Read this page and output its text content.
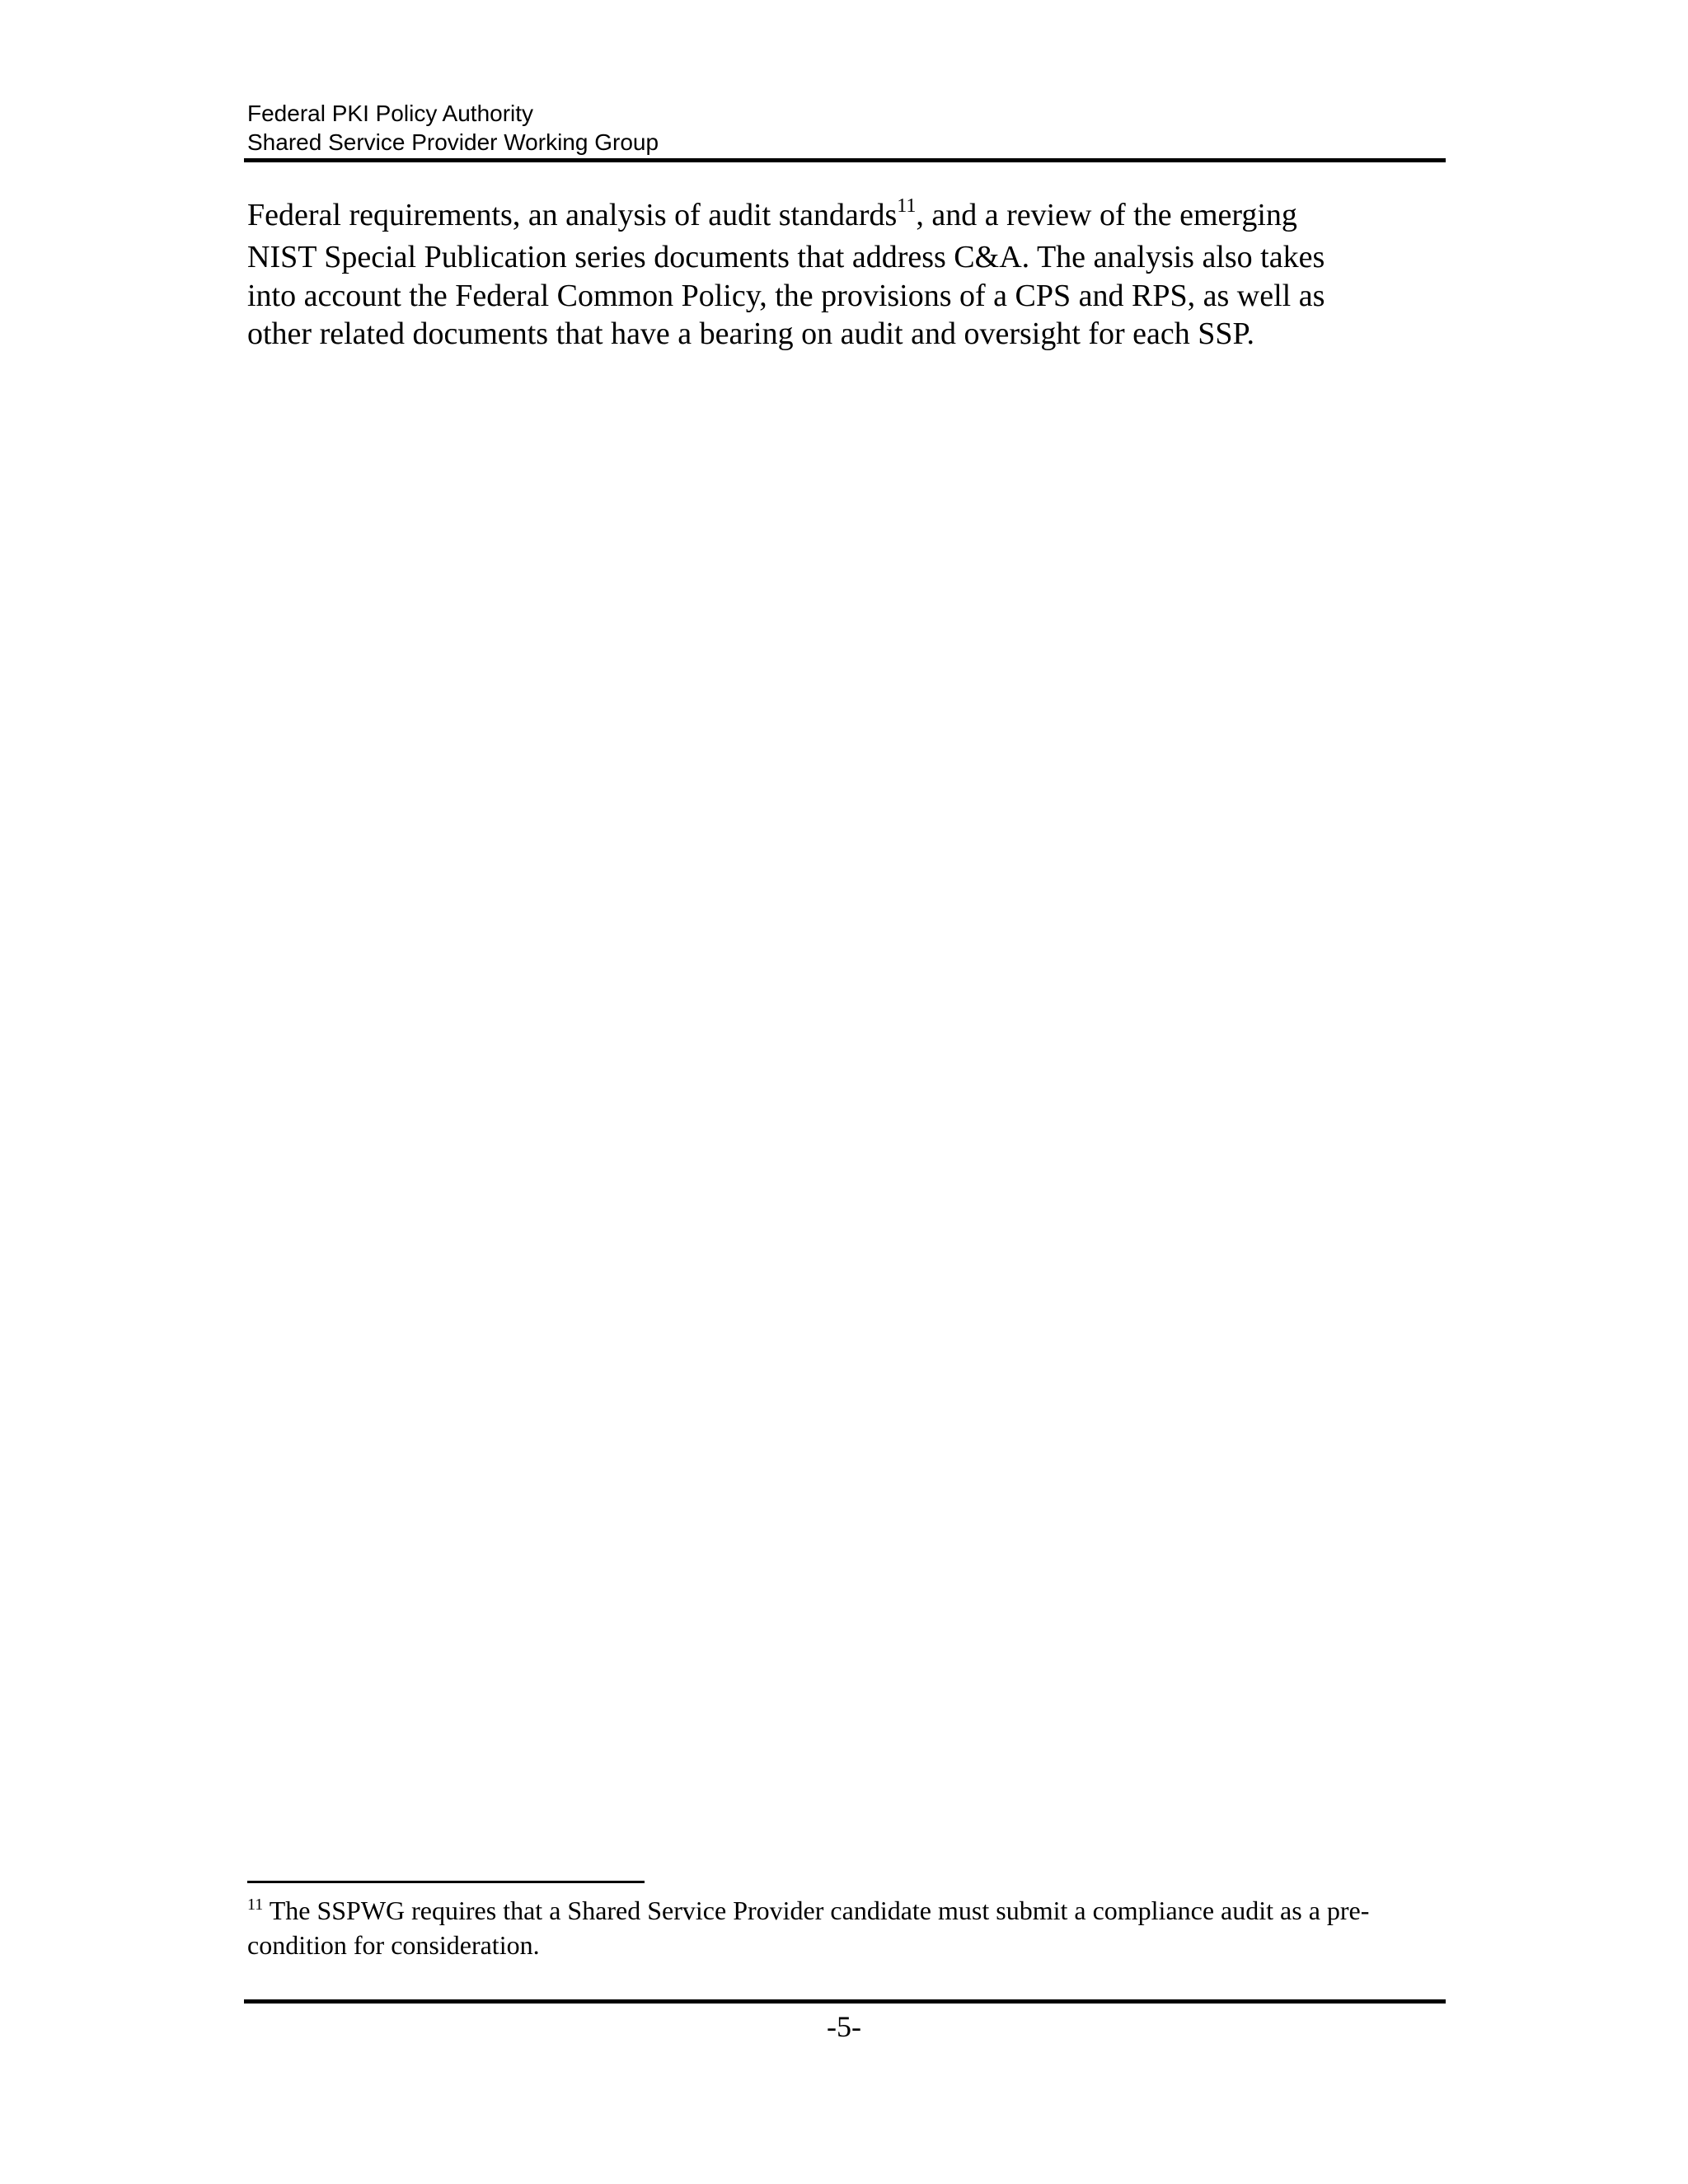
Federal PKI Policy Authority
Shared Service Provider Working Group
Federal requirements, an analysis of audit standards$^{11}$, and a review of the emerging
NIST Special Publication series documents that address C&A. The analysis also takes
into account the Federal Common Policy, the provisions of a CPS and RPS, as well as
other related documents that have a bearing on audit and oversight for each SSP.
$^{11}$ The SSPWG requires that a Shared Service Provider candidate must submit a compliance audit as a pre-
condition for consideration.
-5-
